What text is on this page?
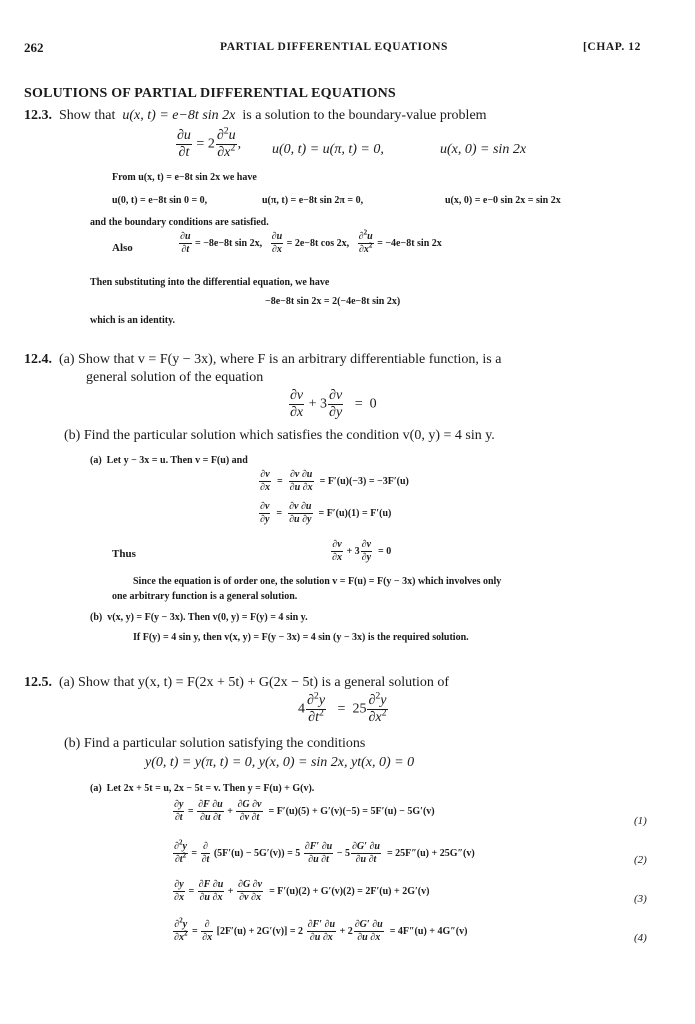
262	PARTIAL DIFFERENTIAL EQUATIONS	[CHAP. 12
SOLUTIONS OF PARTIAL DIFFERENTIAL EQUATIONS
12.3. Show that u(x, t) = e−8t sin 2x is a solution to the boundary-value problem
$\frac{\partial u}{\partial t} = 2 \frac{\partial^2u}{\partial x^2}$ , u(0, t) = u(π, t) = 0,	u(x, 0) = sin 2x
From u(x, t) = e−8t sin 2x we have
u(0, t) = e−8t sin 0 = 0,	u(π, t) = e−8t sin 2π = 0,	u(x, 0) = e−0 sin 2x = sin 2x
and the boundary conditions are satisfied.
Also	$\frac{\partial u}{\partial t} = -8e-8t$ sin 2x, $\frac{\partial u}{\partial x} = 2e-8t$ cos 2x, $\frac{\partial^2u}{\partial x^2} = -4e-8t$ sin 2x
Then substituting into the differential equation, we have
−8e−8t sin 2x = 2(−4e−8t sin 2x)
which is an identity.
12.4. (a) Show that v = F(y − 3x), where F is an arbitrary differentiable function, is a
general solution of the equation
$\frac{\partial v}{\partial x} + 3 \frac{\partial v}{\partial y} = 0$
(b) Find the particular solution which satisfies the condition v(0, y) = 4 sin y.
(a) Let y − 3x = u. Then v = F(u) and
$\frac{\partial v}{\partial x} = \frac{\partial v \partial u}{\partial u \partial x} = F'(u)(-3) = -3F'(u)$
$\frac{\partial v}{\partial y} = \frac{\partial v \partial u}{\partial u \partial y} = F'(u)(1) = F'(u)$
Thus	$\frac{\partial v}{\partial x} + 3 \frac{\partial v}{\partial y} = 0$
Since the equation is of order one, the solution v = F(u) = F(y − 3x) which involves only
one arbitrary function is a general solution.
(b) v(x, y) = F(y − 3x). Then v(0, y) = F(y) = 4 sin y.
If F(y) = 4 sin y, then v(x, y) = F(y − 3x) = 4 sin (y − 3x) is the required solution.
12.5. (a) Show that y(x, t) = F(2x + 5t) + G(2x − 5t) is a general solution of
$4 \frac{\partial^2y}{\partial t^2} = 25 \frac{\partial^2y}{\partial x^2}$
(b) Find a particular solution satisfying the conditions
y(0, t) = y(π, t) = 0, y(x, 0) = sin 2x, yt(x, 0) = 0
(a) Let 2x + 5t = u, 2x − 5t = v. Then y = F(u) + G(v).
$\frac{\partial y}{\partial t} = \frac{\partial F \partial u}{\partial u \partial t} + \frac{\partial G \partial v}{\partial v \partial t} = F'(u)(5) + G'(v)(-5) = 5F'(u) - 5G'(v)$
(1)
$\frac{\partial^2y}{\partial t^2}$ =
∂
∂t
$(5F'(u) - 5G'(v)) = 5 \frac{\partial F' \partial u}{\partial u \partial t} - 5 \frac{\partial G' \partial u}{\partial u \partial t} = 25F''(u) + 25G''(v)$
(2)
$\frac{\partial y}{\partial x} = \frac{\partial F \partial u}{\partial u \partial x} + \frac{\partial G \partial v}{\partial v \partial x} = F'(u)(2) + G'(v)(2) = 2F'(u) + 2G'(v)$
(3)
$\frac{\partial^2y}{\partial x^2}$ =
∂
∂x
$[2F'(u) + 2G'(v)] = 2 \frac{\partial F' \partial u}{\partial u \partial x} + 2 \frac{\partial G' \partial u}{\partial u \partial x} = 4F''(u) + 4G''(v)$
(4)
